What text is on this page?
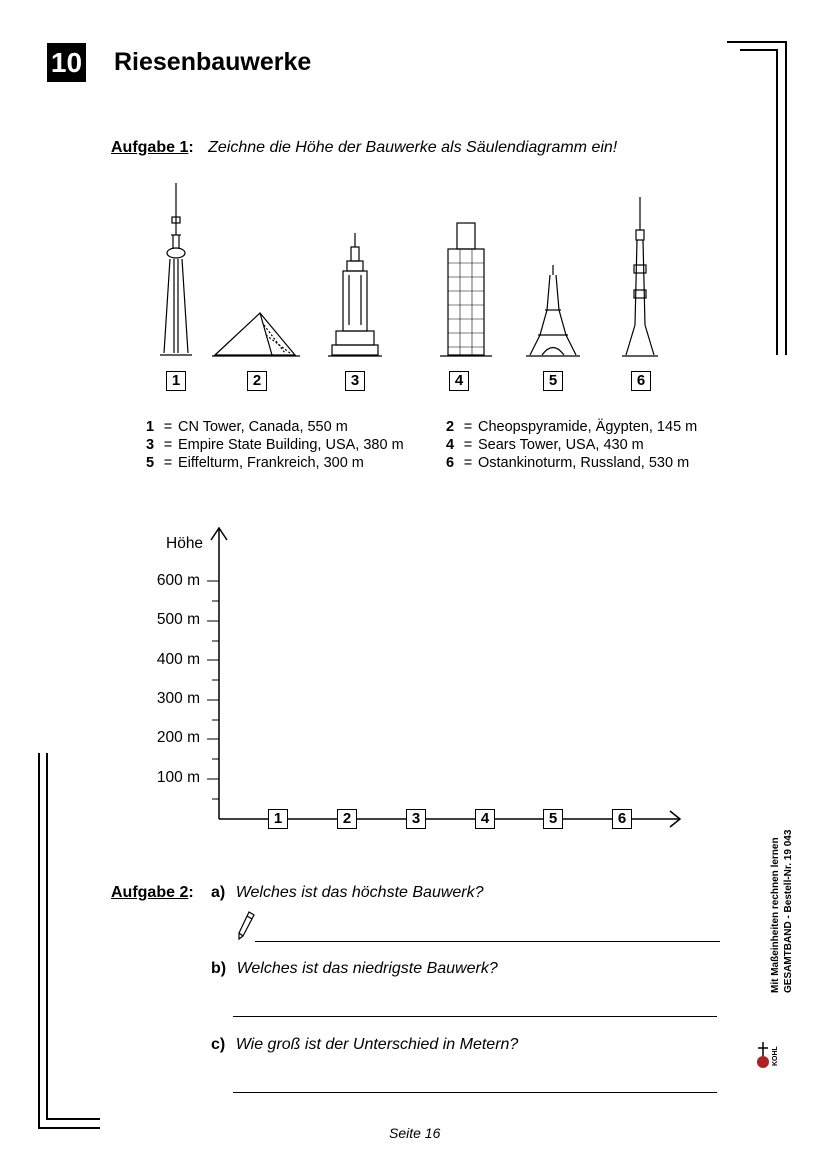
10 Riesenbauwerke
Aufgabe 1: Zeichne die Höhe der Bauwerke als Säulendiagramm ein!
1	2	3	4	5	6
1 = CN Tower, Canada, 550 m	2 = Cheopspyramide, Ägypten, 145 m
3 = Empire State Building, USA, 380 m	4 = Sears Tower, USA, 430 m
5 = Eiffelturm, Frankreich, 300 m	6 = Ostankinoturm, Russland, 530 m
Höhe
600 m
500 m
400 m
300 m
200 m
100 m
1	2	3	4	5	6
Aufgabe 2: a) Welches ist das höchste Bauwerk?
b) Welches ist das niedrigste Bauwerk?
c) Wie groß ist der Unterschied in Metern?
Seite 16
Mit Maßeinheiten rechnen lernen GESAMTBAND - Bestell-Nr. 19 043
KOHL
